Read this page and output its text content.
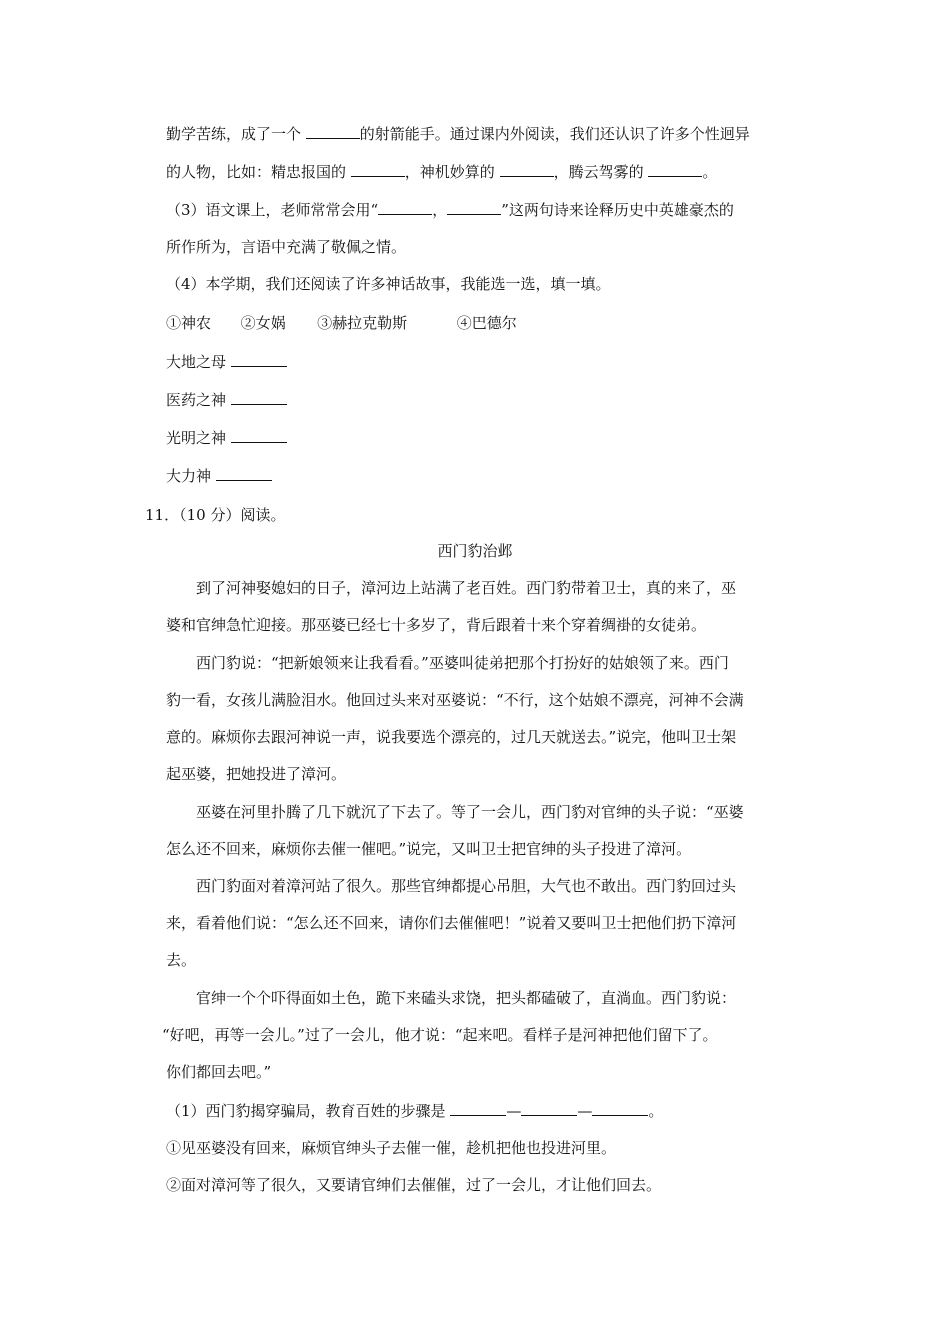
勤学苦练，成了一个	的射箭能手。通过课内外阅读，我们还认识了许多个性迥异
的人物，比如：精忠报国的	，神机妙算的	，腾云驾雾的	。
（3）语文课上，老师常常会用“	，	”这两句诗来诠释历史中英雄豪杰的
所作所为，言语中充满了敬佩之情。
（4）本学期，我们还阅读了许多神话故事，我能选一选，填一填。
①神农 ②女娲 ③赫拉克勒斯	④巴德尔
大地之母
医药之神
光明之神
大力神
11．（10 分）阅读。
西门豹治邺
到了河神娶媳妇的日子，漳河边上站满了老百姓。西门豹带着卫士，真的来了，巫
婆和官绅急忙迎接。那巫婆已经七十多岁了，背后跟着十来个穿着绸褂的女徒弟。
西门豹说：“把新娘领来让我看看。”巫婆叫徒弟把那个打扮好的姑娘领了来。西门
豹一看，女孩儿满脸泪水。他回过头来对巫婆说：“不行，这个姑娘不漂亮，河神不会满
意的。麻烦你去跟河神说一声，说我要选个漂亮的，过几天就送去。”说完，他叫卫士架
起巫婆，把她投进了漳河。
巫婆在河里扑腾了几下就沉了下去了。等了一会儿，西门豹对官绅的头子说：“巫婆
怎么还不回来，麻烦你去催一催吧。”说完，又叫卫士把官绅的头子投进了漳河。
西门豹面对着漳河站了很久。那些官绅都提心吊胆，大气也不敢出。西门豹回过头
来，看着他们说：“怎么还不回来，请你们去催催吧！”说着又要叫卫士把他们扔下漳河
去。
官绅一个个吓得面如土色，跪下来磕头求饶，把头都磕破了，直淌血。西门豹说：
“好吧，再等一会儿。”过了一会儿，他才说：“起来吧。看样子是河神把他们留下了。
你们都回去吧。”
（1）西门豹揭穿骗局，教育百姓的步骤是	—	—	。
①见巫婆没有回来，麻烦官绅头子去催一催，趁机把他也投进河里。
②面对漳河等了很久，又要请官绅们去催催，过了一会儿，才让他们回去。
